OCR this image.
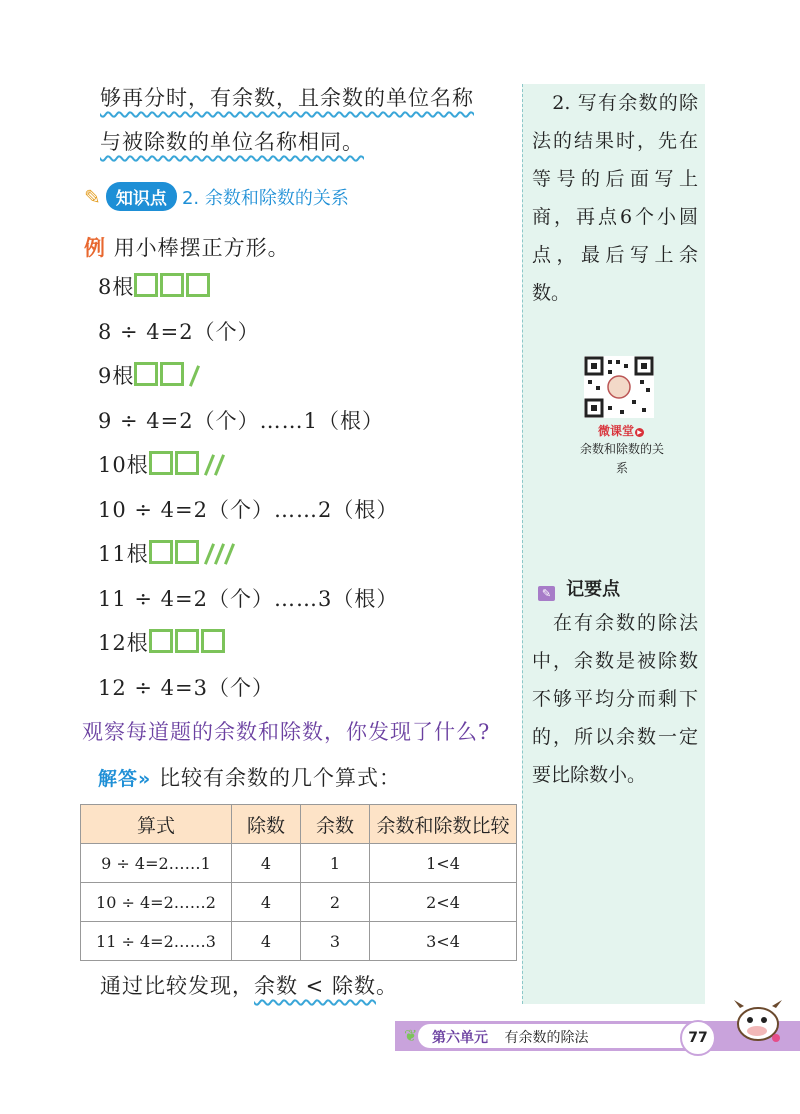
够再分时，有余数，且余数的单位名称
与被除数的单位名称相同。
✎ 知识点 2. 余数和除数的关系
例 用小棒摆正方形。
8根
8 ÷ 4=2（个）
9根
9 ÷ 4=2（个）……1（根）
10根
10 ÷ 4=2（个）……2（根）
11根
11 ÷ 4=2（个）……3（根）
12根
12 ÷ 4=3（个）
观察每道题的余数和除数，你发现了什么?
解答» 比较有余数的几个算式：
算式	除数	余数	余数和除数比较
9 ÷ 4=2……1	4	1	1<4
10 ÷ 4=2……2	4	2	2<4
11 ÷ 4=2……3	4	3	3<4
通过比较发现，余数 < 除数。
　2. 写有余数的除法的结果时，先在等号的后面写上商，再点6个小圆点，最后写上余数。
微课堂 ▶
余数和除数的关系
✎ 记要点
　在有余数的除法中，余数是被除数不够平均分而剩下的，所以余数一定要比除数小。
❦ 第六单元 有余数的除法	77
